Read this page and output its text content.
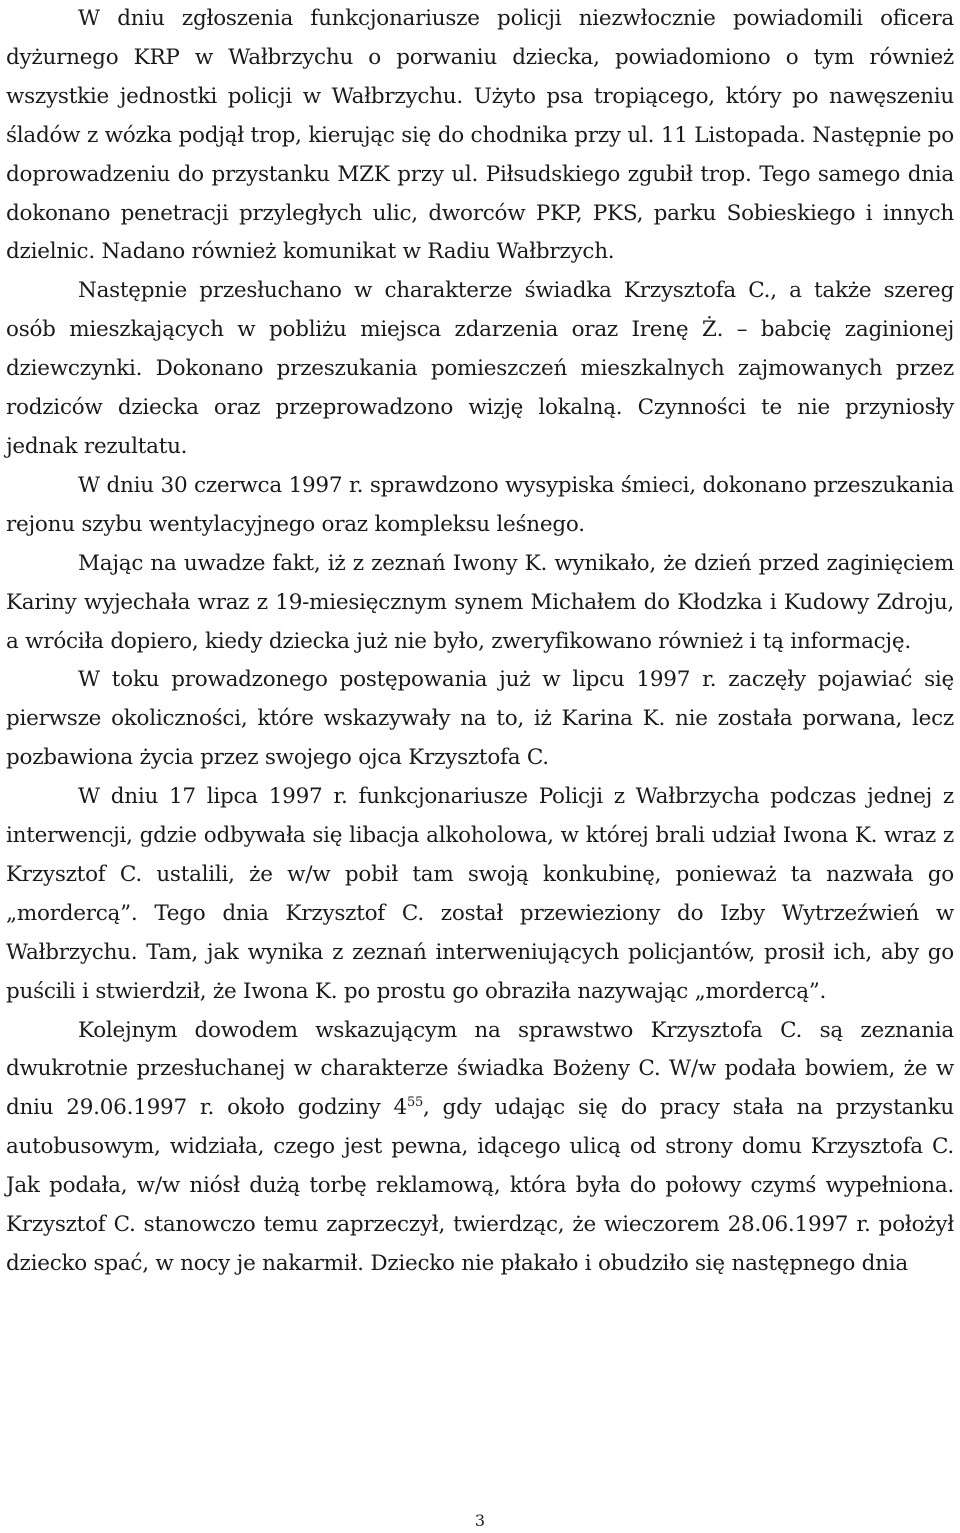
W dniu zgłoszenia funkcjonariusze policji niezwłocznie powiadomili oficera dyżurnego KRP w Wałbrzychu o porwaniu dziecka, powiadomiono o tym również wszystkie jednostki policji w Wałbrzychu. Użyto psa tropiącego, który po nawęszeniu śladów z wózka podjął trop, kierując się do chodnika przy ul. 11 Listopada. Następnie po doprowadzeniu do przystanku MZK przy ul. Piłsudskiego zgubił trop. Tego samego dnia dokonano penetracji przyległych ulic, dworców PKP, PKS, parku Sobieskiego i innych dzielnic. Nadano również komunikat w Radiu Wałbrzych.

Następnie przesłuchano w charakterze świadka Krzysztofa C., a także szereg osób mieszkających w pobliżu miejsca zdarzenia oraz Irenę Ż. – babcię zaginionej dziewczynki. Dokonano przeszukania pomieszczeń mieszkalnych zajmowanych przez rodziców dziecka oraz przeprowadzono wizję lokalną. Czynności te nie przyniosły jednak rezultatu.

W dniu 30 czerwca 1997 r. sprawdzono wysypiska śmieci, dokonano przeszukania rejonu szybu wentylacyjnego oraz kompleksu leśnego.

Mając na uwadze fakt, iż z zeznań Iwony K. wynikało, że dzień przed zaginięciem Kariny wyjechała wraz z 19-miesięcznym synem Michałem do Kłodzka i Kudowy Zdroju, a wróciła dopiero, kiedy dziecka już nie było, zweryfikowano również i tą informację.

W toku prowadzonego postępowania już w lipcu 1997 r. zaczęły pojawiać się pierwsze okoliczności, które wskazywały na to, iż Karina K. nie została porwana, lecz pozbawiona życia przez swojego ojca Krzysztofa C.

W dniu 17 lipca 1997 r. funkcjonariusze Policji z Wałbrzycha podczas jednej z interwencji, gdzie odbywała się libacja alkoholowa, w której brali udział Iwona K. wraz z Krzysztof C. ustalili, że w/w pobił tam swoją konkubinę, ponieważ ta nazwała go „mordercą”. Tego dnia Krzysztof C. został przewieziony do Izby Wytrzeźwień w Wałbrzychu. Tam, jak wynika z zeznań interweniujących policjantów, prosił ich, aby go puścili i stwierdził, że Iwona K. po prostu go obraziła nazywając „mordercą”.

Kolejnym dowodem wskazującym na sprawstwo Krzysztofa C. są zeznania dwukrotnie przesłuchanej w charakterze świadka Bożeny C. W/w podała bowiem, że w dniu 29.06.1997 r. około godziny $4^{55}$, gdy udając się do pracy stała na przystanku autobusowym, widziała, czego jest pewna, idącego ulicą od strony domu Krzysztofa C. Jak podała, w/w niósł dużą torbę reklamową, która była do połowy czymś wypełniona. Krzysztof C. stanowczo temu zaprzeczył, twierdząc, że wieczorem 28.06.1997 r. położył dziecko spać, w nocy je nakarmił. Dziecko nie płakało i obudziło się następnego dnia

3
